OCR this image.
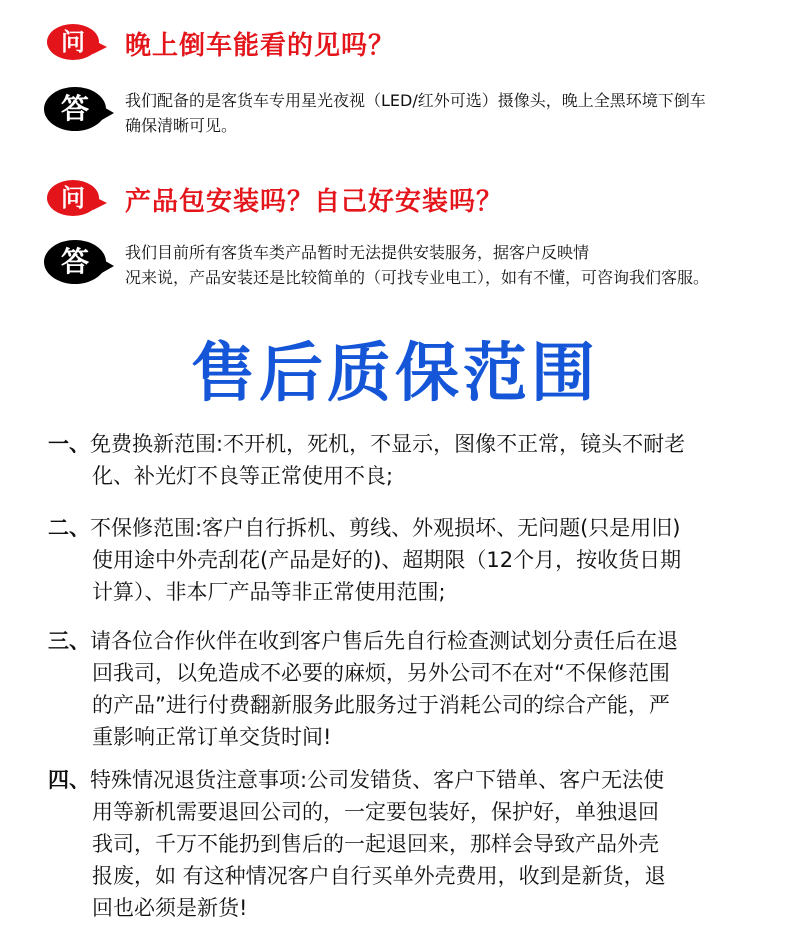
问	晚上倒车能看的见吗？
答	我们配备的是客货车专用星光夜视（LED/红外可选）摄像头，晚上全黑环境下倒车
确保清晰可见。
问	产品包安装吗？自己好安装吗？
答	我们目前所有客货车类产品暂时无法提供安装服务，据客户反映情
况来说，产品安装还是比较简单的（可找专业电工），如有不懂，可咨询我们客服。
售后质保范围
一、免费换新范围:不开机，死机，不显示，图像不正常，镜头不耐老
化、补光灯不良等正常使用不良;
二、不保修范围:客户自行拆机、剪线、外观损坏、无问题(只是用旧)
使用途中外壳刮花(产品是好的)、超期限（12个月，按收货日期
计算）、非本厂产品等非正常使用范围;
三、请各位合作伙伴在收到客户售后先自行检查测试划分责任后在退
回我司，以免造成不必要的麻烦，另外公司不在对“不保修范围
的产品”进行付费翻新服务此服务过于消耗公司的综合产能，严
重影响正常订单交货时间!
四、特殊情况退货注意事项:公司发错货、客户下错单、客户无法使
用等新机需要退回公司的，一定要包装好，保护好，单独退回
我司，千万不能扔到售后的一起退回来，那样会导致产品外壳
报废，如 有这种情况客户自行买单外壳费用，收到是新货，退
回也必须是新货!
